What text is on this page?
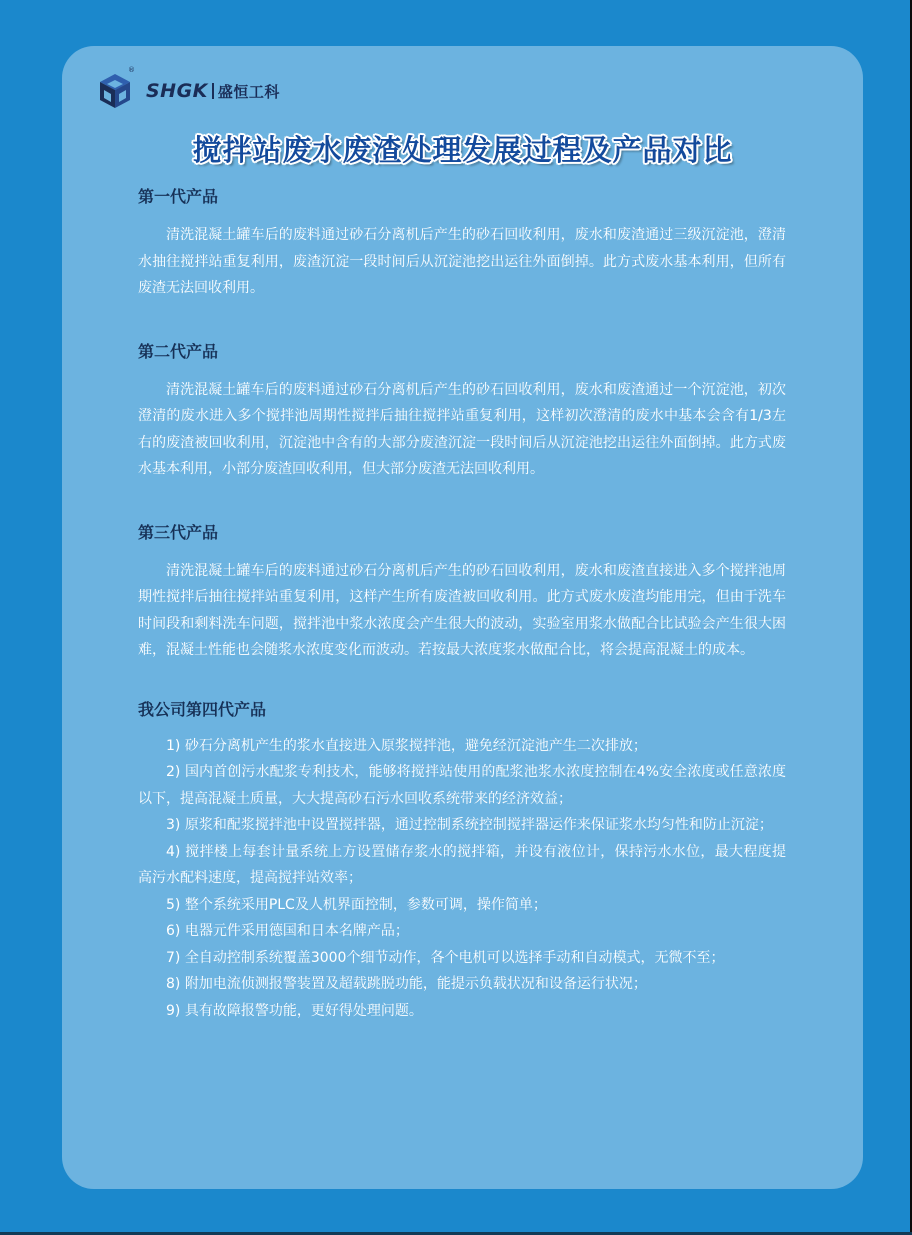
®
SHGK 盛恒工科
搅拌站废水废渣处理发展过程及产品对比
第一代产品

清洗混凝土罐车后的废料通过砂石分离机后产生的砂石回收利用，废水和废渣通过三级沉淀池，澄清水抽往搅拌站重复利用，废渣沉淀一段时间后从沉淀池挖出运往外面倒掉。此方式废水基本利用，但所有废渣无法回收利用。

第二代产品

清洗混凝土罐车后的废料通过砂石分离机后产生的砂石回收利用，废水和废渣通过一个沉淀池，初次澄清的废水进入多个搅拌池周期性搅拌后抽往搅拌站重复利用，这样初次澄清的废水中基本会含有1/3左右的废渣被回收利用，沉淀池中含有的大部分废渣沉淀一段时间后从沉淀池挖出运往外面倒掉。此方式废水基本利用，小部分废渣回收利用，但大部分废渣无法回收利用。

第三代产品

清洗混凝土罐车后的废料通过砂石分离机后产生的砂石回收利用，废水和废渣直接进入多个搅拌池周期性搅拌后抽往搅拌站重复利用，这样产生所有废渣被回收利用。此方式废水废渣均能用完，但由于洗车时间段和剩料洗车问题，搅拌池中浆水浓度会产生很大的波动，实验室用浆水做配合比试验会产生很大困难，混凝土性能也会随浆水浓度变化而波动。若按最大浓度浆水做配合比，将会提高混凝土的成本。

我公司第四代产品
1) 砂石分离机产生的浆水直接进入原浆搅拌池，避免经沉淀池产生二次排放；
2) 国内首创污水配浆专利技术，能够将搅拌站使用的配浆池浆水浓度控制在4%安全浓度或任意浓度以下，提高混凝土质量，大大提高砂石污水回收系统带来的经济效益；
3) 原浆和配浆搅拌池中设置搅拌器，通过控制系统控制搅拌器运作来保证浆水均匀性和防止沉淀；
4) 搅拌楼上每套计量系统上方设置储存浆水的搅拌箱，并设有液位计，保持污水水位，最大程度提高污水配料速度，提高搅拌站效率；
5) 整个系统采用PLC及人机界面控制，参数可调，操作简单；
6) 电器元件采用德国和日本名牌产品；
7) 全自动控制系统覆盖3000个细节动作，各个电机可以选择手动和自动模式，无微不至；
8) 附加电流侦测报警装置及超载跳脱功能，能提示负载状况和设备运行状况；
9) 具有故障报警功能，更好得处理问题。
